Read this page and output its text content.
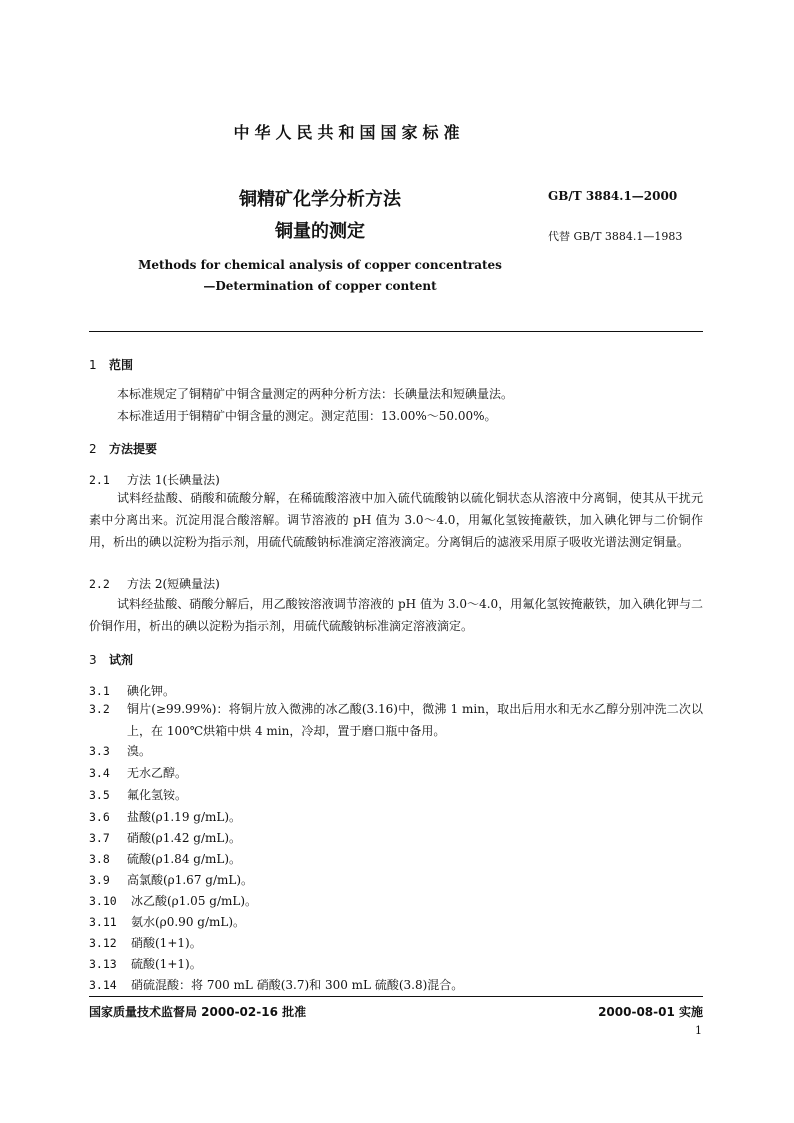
中华人民共和国国家标准
铜精矿化学分析方法
铜量的测定
GB/T 3884.1—2000
代替 GB/T 3884.1—1983
Methods for chemical analysis of copper concentrates
—Determination of copper content
1 范围
本标准规定了铜精矿中铜含量测定的两种分析方法：长碘量法和短碘量法。
本标准适用于铜精矿中铜含量的测定。测定范围：13.00%～50.00%。
2 方法提要
2.1 方法 1(长碘量法)
试料经盐酸、硝酸和硫酸分解，在稀硫酸溶液中加入硫代硫酸钠以硫化铜状态从溶液中分离铜，使其从干扰元素中分离出来。沉淀用混合酸溶解。调节溶液的 pH 值为 3.0～4.0，用氟化氢铵掩蔽铁，加入碘化钾与二价铜作用，析出的碘以淀粉为指示剂，用硫代硫酸钠标准滴定溶液滴定。分离铜后的滤液采用原子吸收光谱法测定铜量。
2.2 方法 2(短碘量法)
试料经盐酸、硝酸分解后，用乙酸铵溶液调节溶液的 pH 值为 3.0～4.0，用氟化氢铵掩蔽铁，加入碘化钾与二价铜作用，析出的碘以淀粉为指示剂，用硫代硫酸钠标准滴定溶液滴定。
3 试剂
3.1 碘化钾。
3.2 铜片(≥99.99%)：将铜片放入微沸的冰乙酸(3.16)中，微沸 1 min，取出后用水和无水乙醇分别冲洗二次以上，在 100℃烘箱中烘 4 min，冷却，置于磨口瓶中备用。
3.3 溴。
3.4 无水乙醇。
3.5 氟化氢铵。
3.6 盐酸(ρ1.19 g/mL)。
3.7 硝酸(ρ1.42 g/mL)。
3.8 硫酸(ρ1.84 g/mL)。
3.9 高氯酸(ρ1.67 g/mL)。
3.10 冰乙酸(ρ1.05 g/mL)。
3.11 氨水(ρ0.90 g/mL)。
3.12 硝酸(1+1)。
3.13 硫酸(1+1)。
3.14 硝硫混酸：将 700 mL 硝酸(3.7)和 300 mL 硫酸(3.8)混合。
国家质量技术监督局 2000-02-16 批准	2000-08-01 实施
1
